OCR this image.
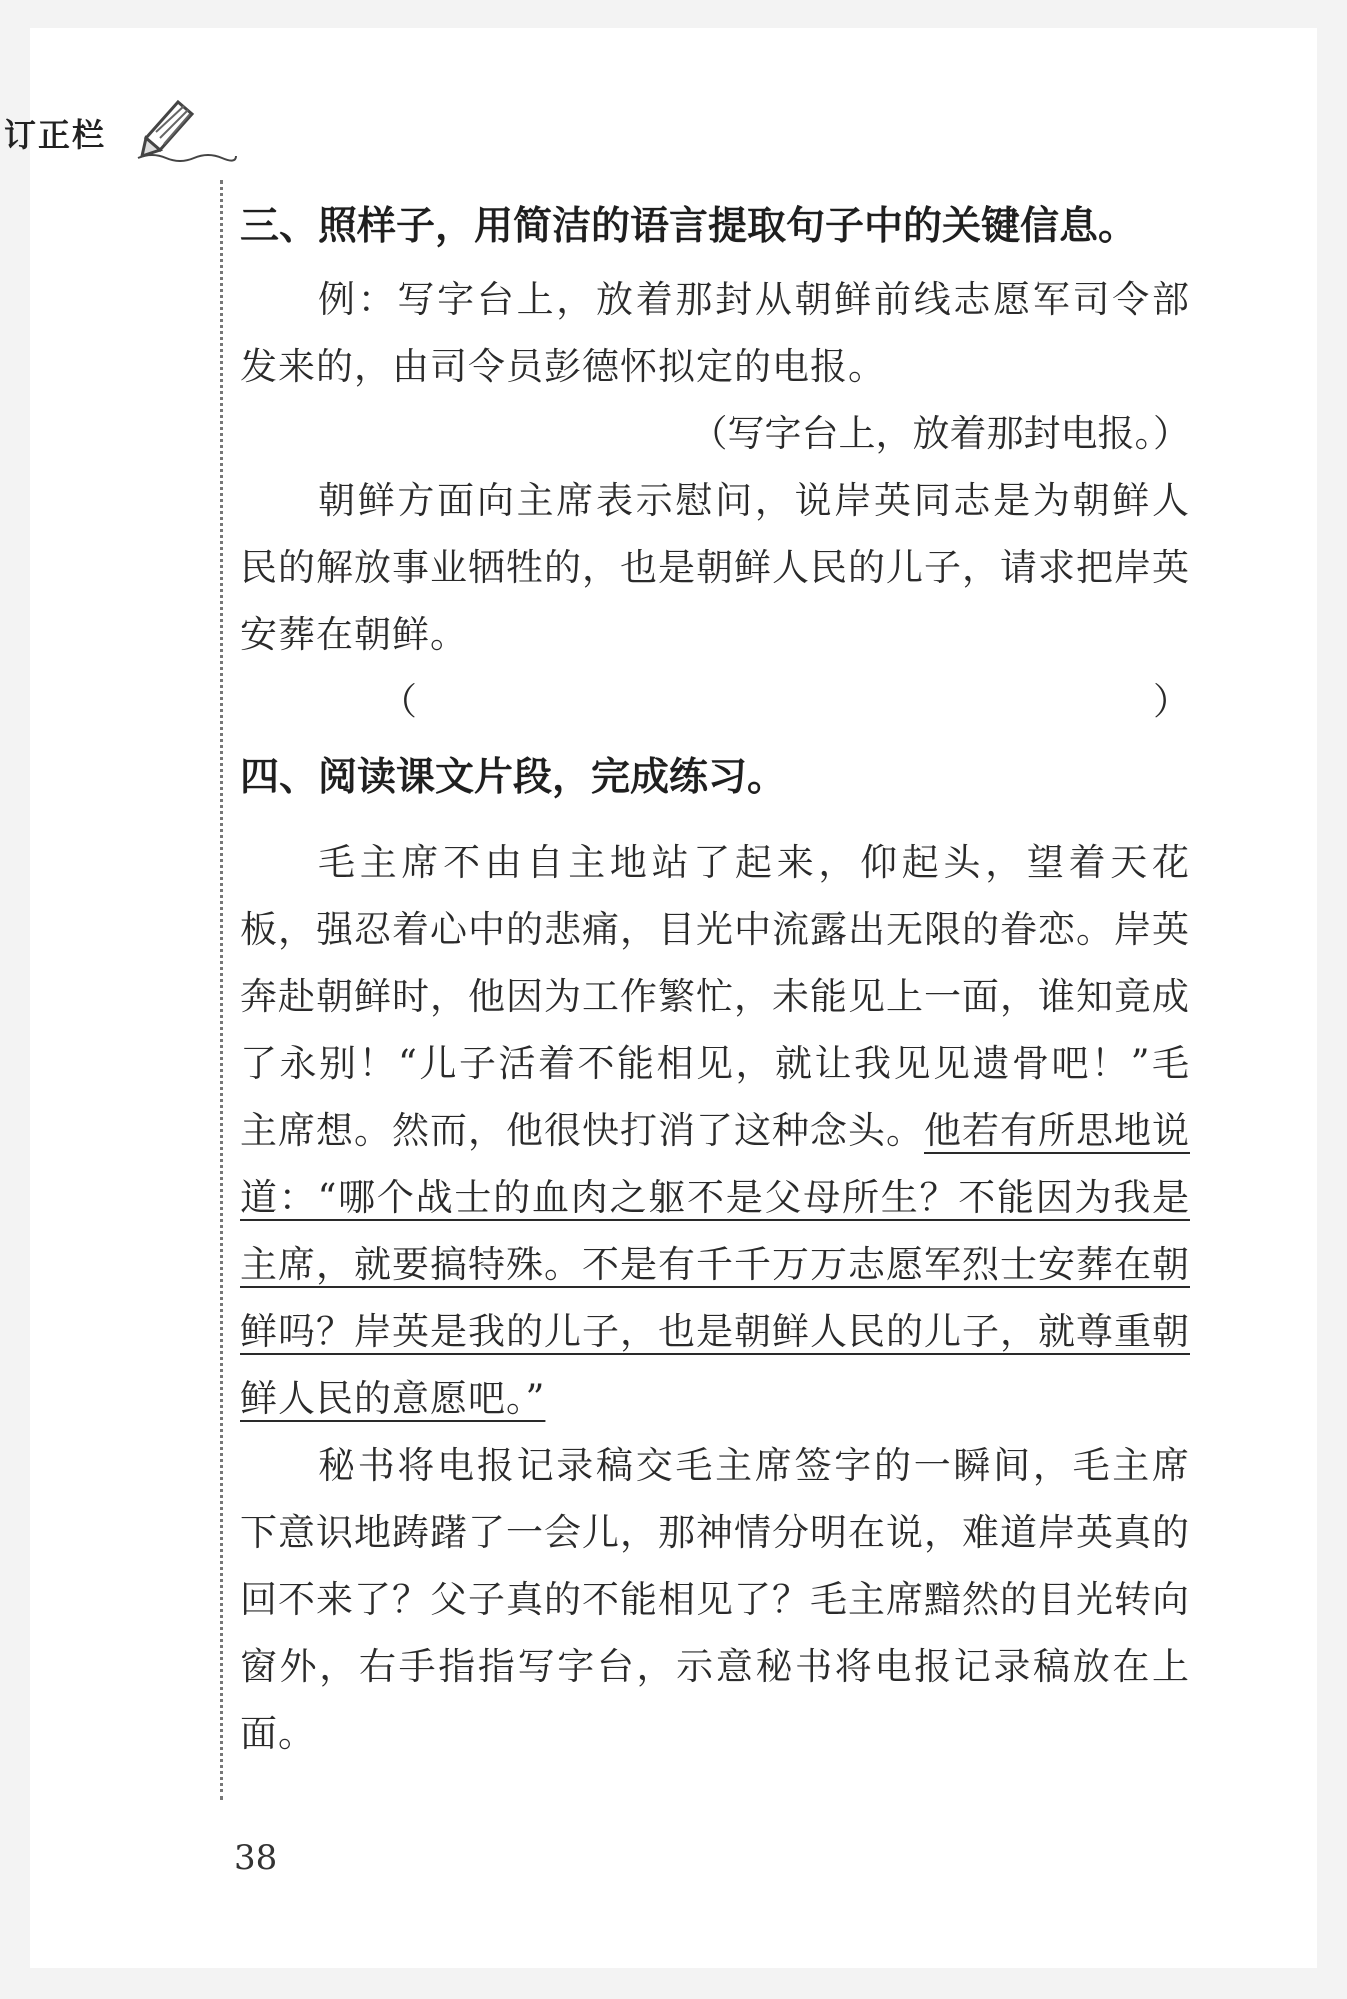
订正栏
三、照样子，用简洁的语言提取句子中的关键信息。

例：写字台上，放着那封从朝鲜前线志愿军司令部发来的，由司令员彭德怀拟定的电报。

（写字台上，放着那封电报。）

朝鲜方面向主席表示慰问，说岸英同志是为朝鲜人民的解放事业牺牲的，也是朝鲜人民的儿子，请求把岸英安葬在朝鲜。

（	）
四、阅读课文片段，完成练习。

毛主席不由自主地站了起来，仰起头，望着天花板，强忍着心中的悲痛，目光中流露出无限的眷恋。岸英奔赴朝鲜时，他因为工作繁忙，未能见上一面，谁知竟成了永别！“儿子活着不能相见，就让我见见遗骨吧！”毛主席想。然而，他很快打消了这种念头。他若有所思地说道：“哪个战士的血肉之躯不是父母所生？不能因为我是主席，就要搞特殊。不是有千千万万志愿军烈士安葬在朝鲜吗？岸英是我的儿子，也是朝鲜人民的儿子，就尊重朝鲜人民的意愿吧。”

秘书将电报记录稿交毛主席签字的一瞬间，毛主席下意识地踌躇了一会儿，那神情分明在说，难道岸英真的回不来了？父子真的不能相见了？毛主席黯然的目光转向窗外，右手指指写字台，示意秘书将电报记录稿放在上面。

38
